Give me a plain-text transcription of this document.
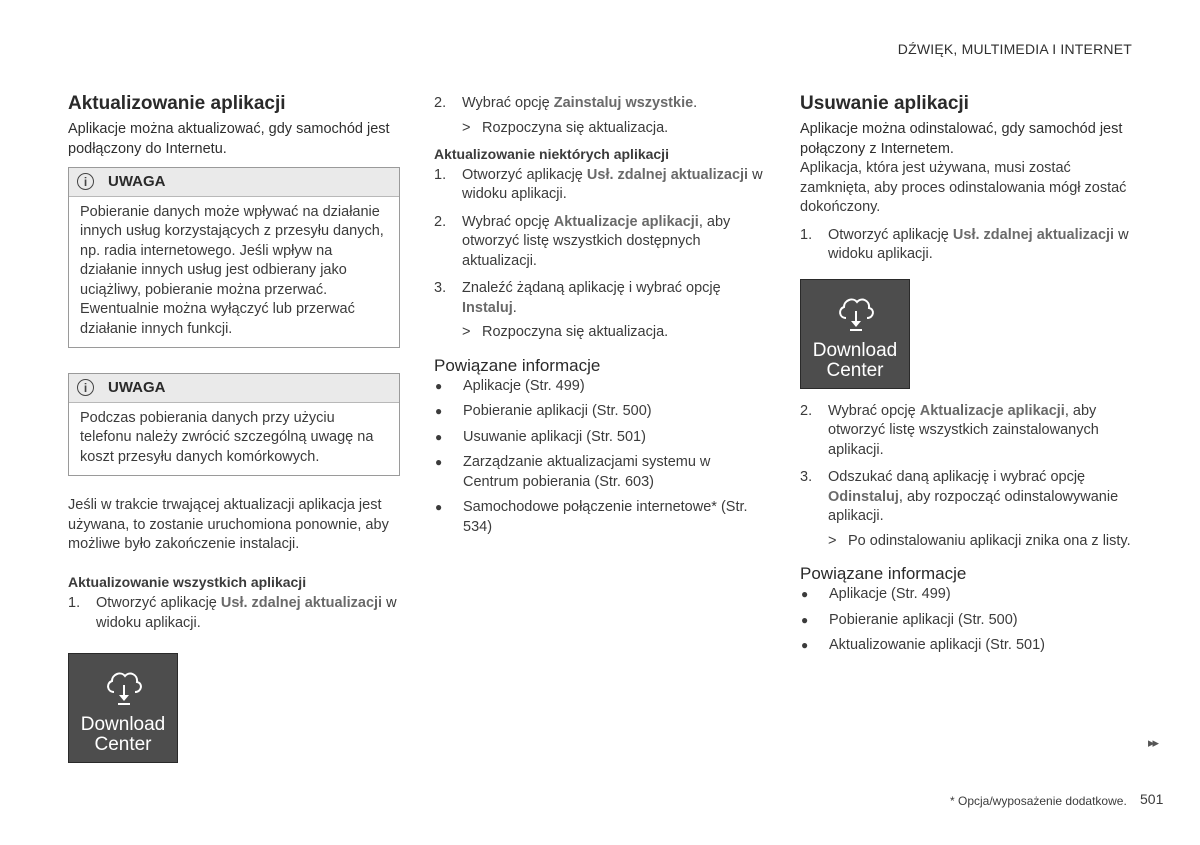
DŹWIĘK, MULTIMEDIA I INTERNET
Aktualizowanie aplikacji

Aplikacje można aktualizować, gdy samochód jest podłączony do Internetu.

i	UWAGA
Pobieranie danych może wpływać na działanie innych usług korzystających z przesyłu danych, np. radia internetowego. Jeśli wpływ na działanie innych usług jest odbierany jako uciążliwy, pobieranie można przerwać. Ewentualnie można wyłączyć lub przerwać działanie innych funkcji.
i	UWAGA
Podczas pobierania danych przy użyciu telefonu należy zwrócić szczególną uwagę na koszt przesyłu danych komórkowych.

Jeśli w trakcie trwającej aktualizacji aplikacja jest używana, to zostanie uruchomiona ponownie, aby możliwe było zakończenie instalacji.

Aktualizowanie wszystkich aplikacji
1.	Otworzyć aplikację Usł. zdalnej aktualizacji w widoku aplikacji.
Download
Center
2.	Wybrać opcję Zainstaluj wszystkie.
> Rozpoczyna się aktualizacja.
Aktualizowanie niektórych aplikacji
1.	Otworzyć aplikację Usł. zdalnej aktualizacji w widoku aplikacji.
2.	Wybrać opcję Aktualizacje aplikacji, aby otworzyć listę wszystkich dostępnych aktualizacji.
3.	Znaleźć żądaną aplikację i wybrać opcję Instaluj.
> Rozpoczyna się aktualizacja.
Powiązane informacje
●	Aplikacje (Str. 499)
●	Pobieranie aplikacji (Str. 500)
●	Usuwanie aplikacji (Str. 501)
●	Zarządzanie aktualizacjami systemu w Centrum pobierania (Str. 603)
●	Samochodowe połączenie internetowe* (Str. 534)
Usuwanie aplikacji

Aplikacje można odinstalować, gdy samochód jest połączony z Internetem.

Aplikacja, która jest używana, musi zostać zamknięta, aby proces odinstalowania mógł zostać dokończony.

1.	Otworzyć aplikację Usł. zdalnej aktualizacji w widoku aplikacji.
Download
Center
2.	Wybrać opcję Aktualizacje aplikacji, aby otworzyć listę wszystkich zainstalowanych aplikacji.
3.	Odszukać daną aplikację i wybrać opcję Odinstaluj, aby rozpocząć odinstalowywanie aplikacji.
> Po odinstalowaniu aplikacji znika ona z listy.
Powiązane informacje
●	Aplikacje (Str. 499)
●	Pobieranie aplikacji (Str. 500)
●	Aktualizowanie aplikacji (Str. 501)
▸▸
* Opcja/wyposażenie dodatkowe. 501
